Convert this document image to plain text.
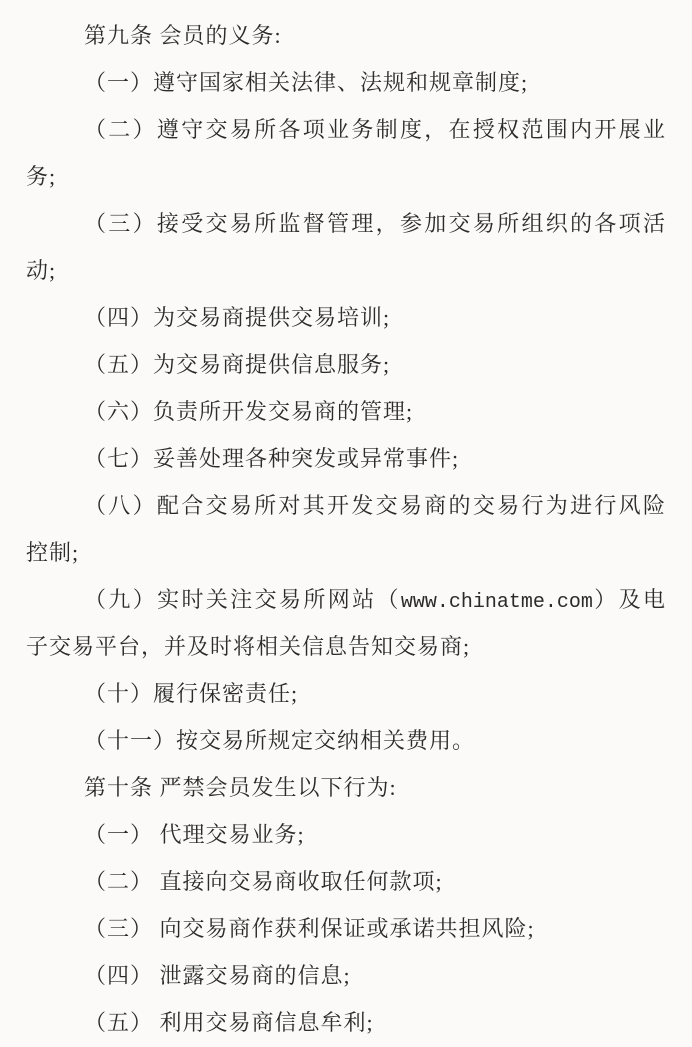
第九条 会员的义务:
（一）遵守国家相关法律、法规和规章制度;
（二）遵守交易所各项业务制度，在授权范围内开展业
务;
（三）接受交易所监督管理，参加交易所组织的各项活
动;
（四）为交易商提供交易培训;
（五）为交易商提供信息服务;
（六）负责所开发交易商的管理;
（七）妥善处理各种突发或异常事件;
（八）配合交易所对其开发交易商的交易行为进行风险
控制;
（九）实时关注交易所网站（www.chinatme.com）及电
子交易平台，并及时将相关信息告知交易商;
（十）履行保密责任;
（十一）按交易所规定交纳相关费用。
第十条 严禁会员发生以下行为:
（一） 代理交易业务;
（二） 直接向交易商收取任何款项;
（三） 向交易商作获利保证或承诺共担风险;
（四） 泄露交易商的信息;
（五） 利用交易商信息牟利;
